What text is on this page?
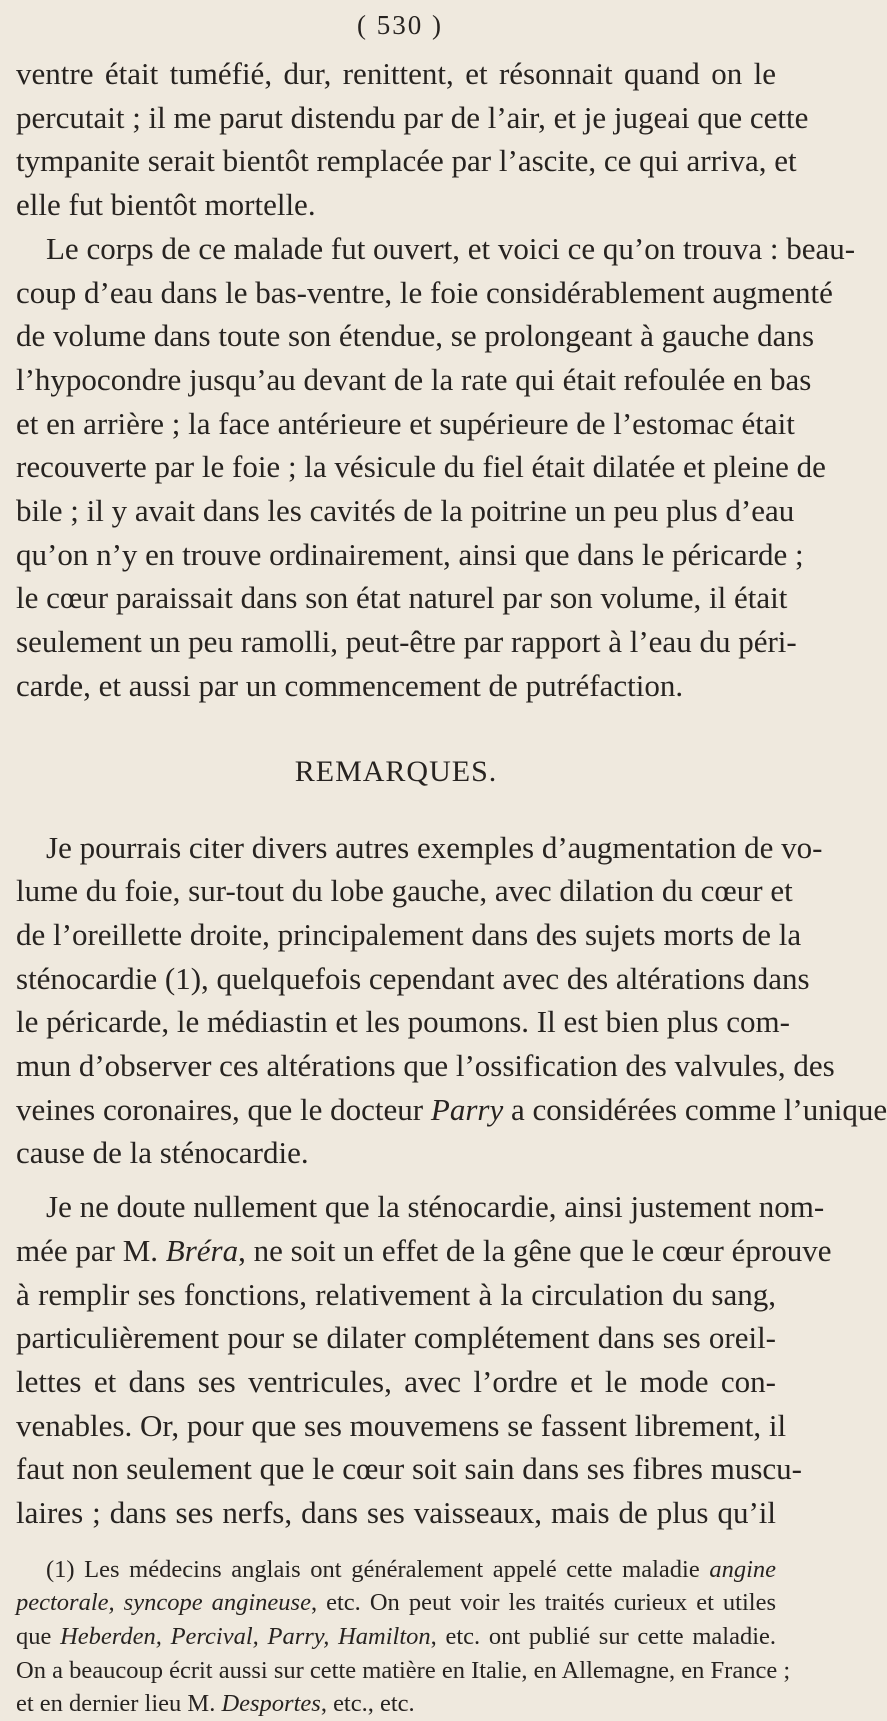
( 530 )
ventre était tuméfié, dur, renittent, et résonnait quand on le
percutait ; il me parut distendu par de l’air, et je jugeai que cette
tympanite serait bientôt remplacée par l’ascite, ce qui arriva, et
elle fut bientôt mortelle.
Le corps de ce malade fut ouvert, et voici ce qu’on trouva : beau-
coup d’eau dans le bas-ventre, le foie considérablement augmenté
de volume dans toute son étendue, se prolongeant à gauche dans
l’hypocondre jusqu’au devant de la rate qui était refoulée en bas
et en arrière ; la face antérieure et supérieure de l’estomac était
recouverte par le foie ; la vésicule du fiel était dilatée et pleine de
bile ; il y avait dans les cavités de la poitrine un peu plus d’eau
qu’on n’y en trouve ordinairement, ainsi que dans le péricarde ;
le cœur paraissait dans son état naturel par son volume, il était
seulement un peu ramolli, peut-être par rapport à l’eau du péri-
carde, et aussi par un commencement de putréfaction.
REMARQUES.
Je pourrais citer divers autres exemples d’augmentation de vo-
lume du foie, sur-tout du lobe gauche, avec dilation du cœur et
de l’oreillette droite, principalement dans des sujets morts de la
sténocardie (1), quelquefois cependant avec des altérations dans
le péricarde, le médiastin et les poumons. Il est bien plus com-
mun d’observer ces altérations que l’ossification des valvules, des
veines coronaires, que le docteur Parry a considérées comme l’unique
cause de la sténocardie.
Je ne doute nullement que la sténocardie, ainsi justement nom-
mée par M. Bréra, ne soit un effet de la gêne que le cœur éprouve
à remplir ses fonctions, relativement à la circulation du sang,
particulièrement pour se dilater complétement dans ses oreil-
lettes et dans ses ventricules, avec l’ordre et le mode con-
venables. Or, pour que ses mouvemens se fassent librement, il
faut non seulement que le cœur soit sain dans ses fibres muscu-
laires ; dans ses nerfs, dans ses vaisseaux, mais de plus qu’il
(1) Les médecins anglais ont généralement appelé cette maladie angine
pectorale, syncope angineuse, etc. On peut voir les traités curieux et utiles
que Heberden, Percival, Parry, Hamilton, etc. ont publié sur cette maladie.
On a beaucoup écrit aussi sur cette matière en Italie, en Allemagne, en France ;
et en dernier lieu M. Desportes, etc., etc.
